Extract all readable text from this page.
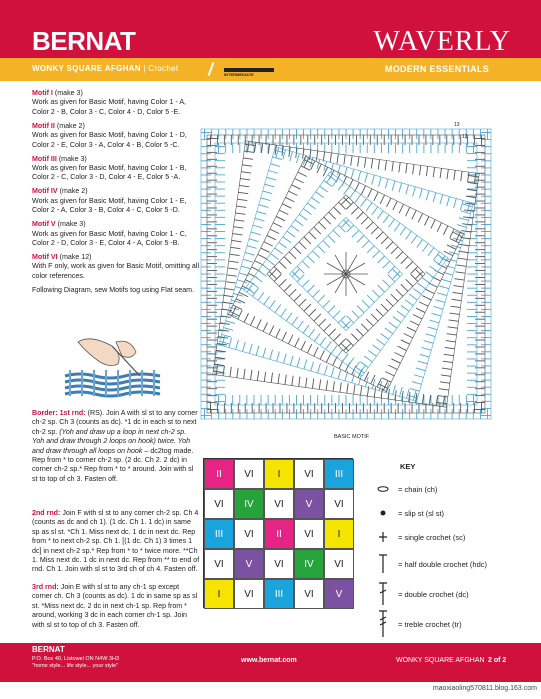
BERNAT	WAVERLY
WONKY SQUARE AFGHAN | Crochet
INTERMEDIATE
MODERN ESSENTIALS
Motif I (make 3)
Work as given for Basic Motif, having Color 1 - A, Color 2 - B, Color 3 - C, Color 4 - D, Color 5 -E.
Motif II (make 2)
Work as given for Basic Motif, having Color 1 - D, Color 2 - E, Color 3 - A, Color 4 - B, Color 5 -C.
Motif III (make 3)
Work as given for Basic Motif, having Color 1 - B, Color 2 - C, Color 3 - D, Color 4 - E, Color 5 -A.
Motif IV (make 2)
Work as given for Basic Motif, having Color 1 - E, Color 2 - A, Color 3 - B, Color 4 - C, Color 5 -D.
Motif V (make 3)
Work as given for Basic Motif, having Color 1 - C, Color 2 - D, Color 3 - E, Color 4 - A, Color 5 -B.
Motif VI (make 12)
With F only, work as given for Basic Motif, omitting all color references.
Following Diagram, sew Motifs tog using Flat seam.
Border: 1st rnd: (RS). Join A with sl st to any corner ch-2 sp. Ch 3 (counts as dc). *1 dc in each st to next ch-2 sp. (Yoh and draw up a loop in next ch-2 sp. Yoh and draw through 2 loops on hook) twice. Yoh and draw through all loops on hook – dc2tog made. Rep from * to corner ch-2 sp. (2 dc. Ch 2. 2 dc) in corner ch-2 sp.* Rep from * to * around. Join with sl st to top of ch 3. Fasten off.
2nd rnd: Join F with sl st to any corner ch-2 sp. Ch 4 (counts as dc and ch 1). (1 dc. Ch 1. 1 dc) in same sp as sl st. *Ch 1. Miss next dc. 1 dc in next dc. Rep from * to next ch-2 sp. Ch 1. [(1 dc. Ch 1) 3 times 1 dc] in next ch-2 sp.* Rep from * to * twice more. **Ch 1. Miss next dc. 1 dc in next dc. Rep from ** to end of rnd. Ch 1. Join with sl st to 3rd ch of ch 4. Fasten off.
3rd rnd: Join E with sl st to any ch-1 sp except corner ch. Ch 3 (counts as dc). 1 dc in same sp as sl st. *Miss next dc. 2 dc in next ch-1 sp. Rep from * around, working 3 dc in each corner ch-1 sp. Join with sl st to top of ch 3. Fasten off.
13
12
BASIC MOTIF
II	VI	I	VI	III
VI	IV	VI	V	VI
III	VI	II	VI	I
VI	V	VI	IV	VI
I	VI	III	VI	V
KEY
= chain (ch)
= slip st (sl st)
= single crochet (sc)
= half double crochet (hdc)
= double crochet (dc)
= treble crochet (tr)
BERNAT
P.O. Box 40, Listowel ON N4W 3H3
"home style... life style... your style"
www.bernat.com	WONKY SQUARE AFGHAN 2 of 2
maoxiaoling570811.blog.163.com
